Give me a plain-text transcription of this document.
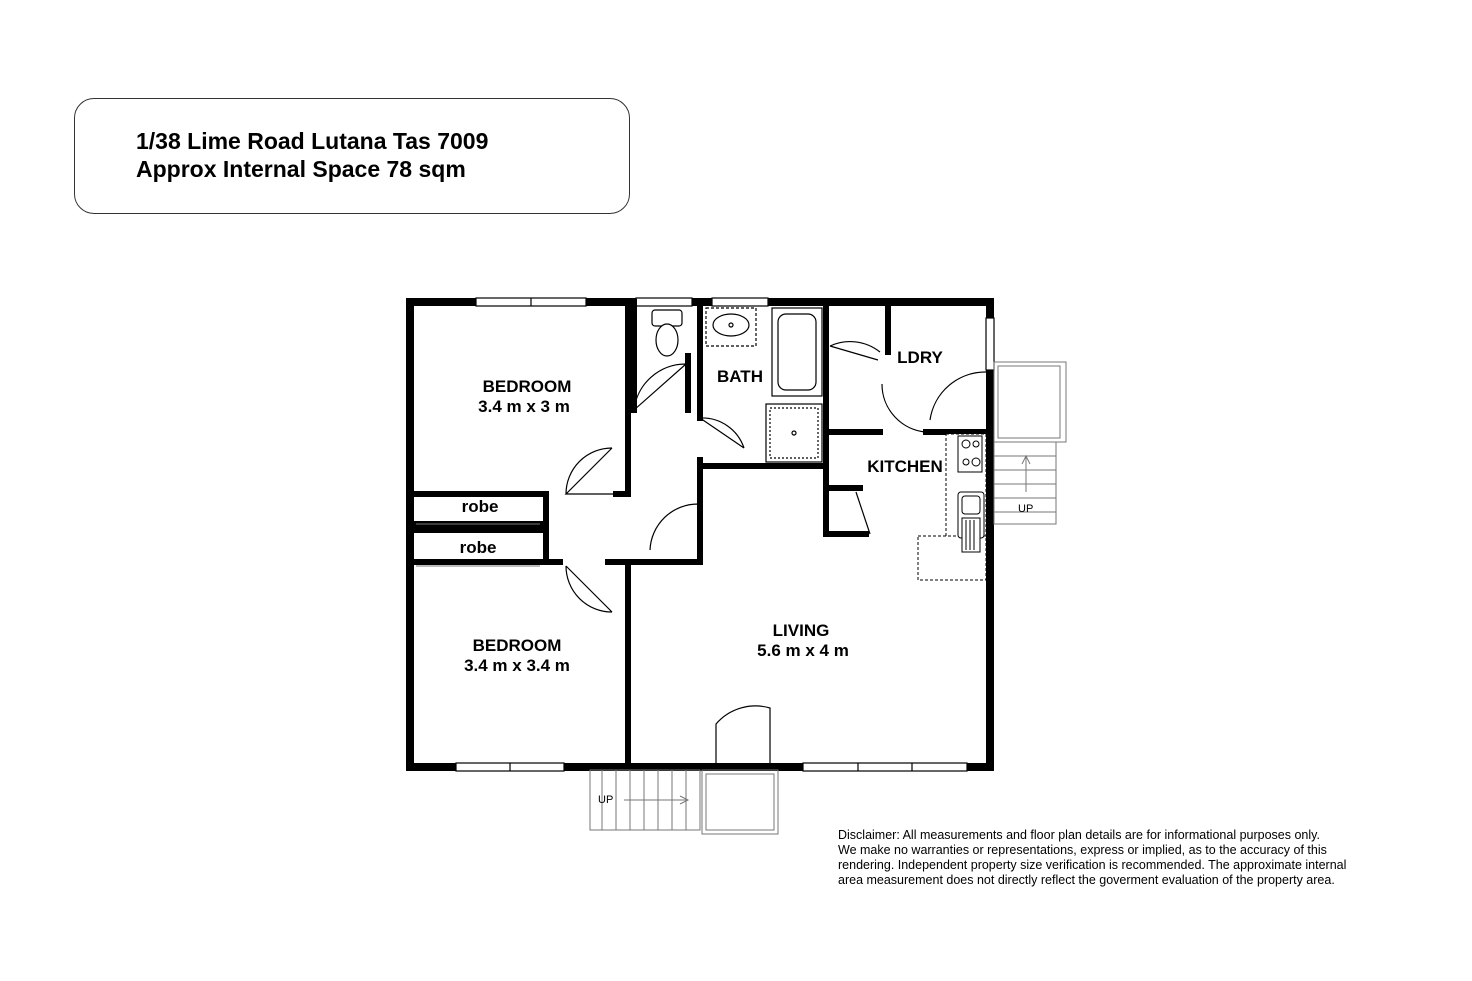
1/38 Lime Road Lutana Tas 7009
Approx Internal Space 78 sqm
UP
UP
BEDROOM
3.4 m x 3 m
robe
robe
BEDROOM
3.4 m x 3.4 m
BATH
LDRY
KITCHEN
LIVING
5.6 m x 4 m
Disclaimer: All measurements and floor plan details are for informational purposes only.
We make no warranties or representations, express or implied, as to the accuracy of this
rendering. Independent property size verification is recommended. The approximate internal
area measurement does not directly reflect the goverment evaluation of the property area.
